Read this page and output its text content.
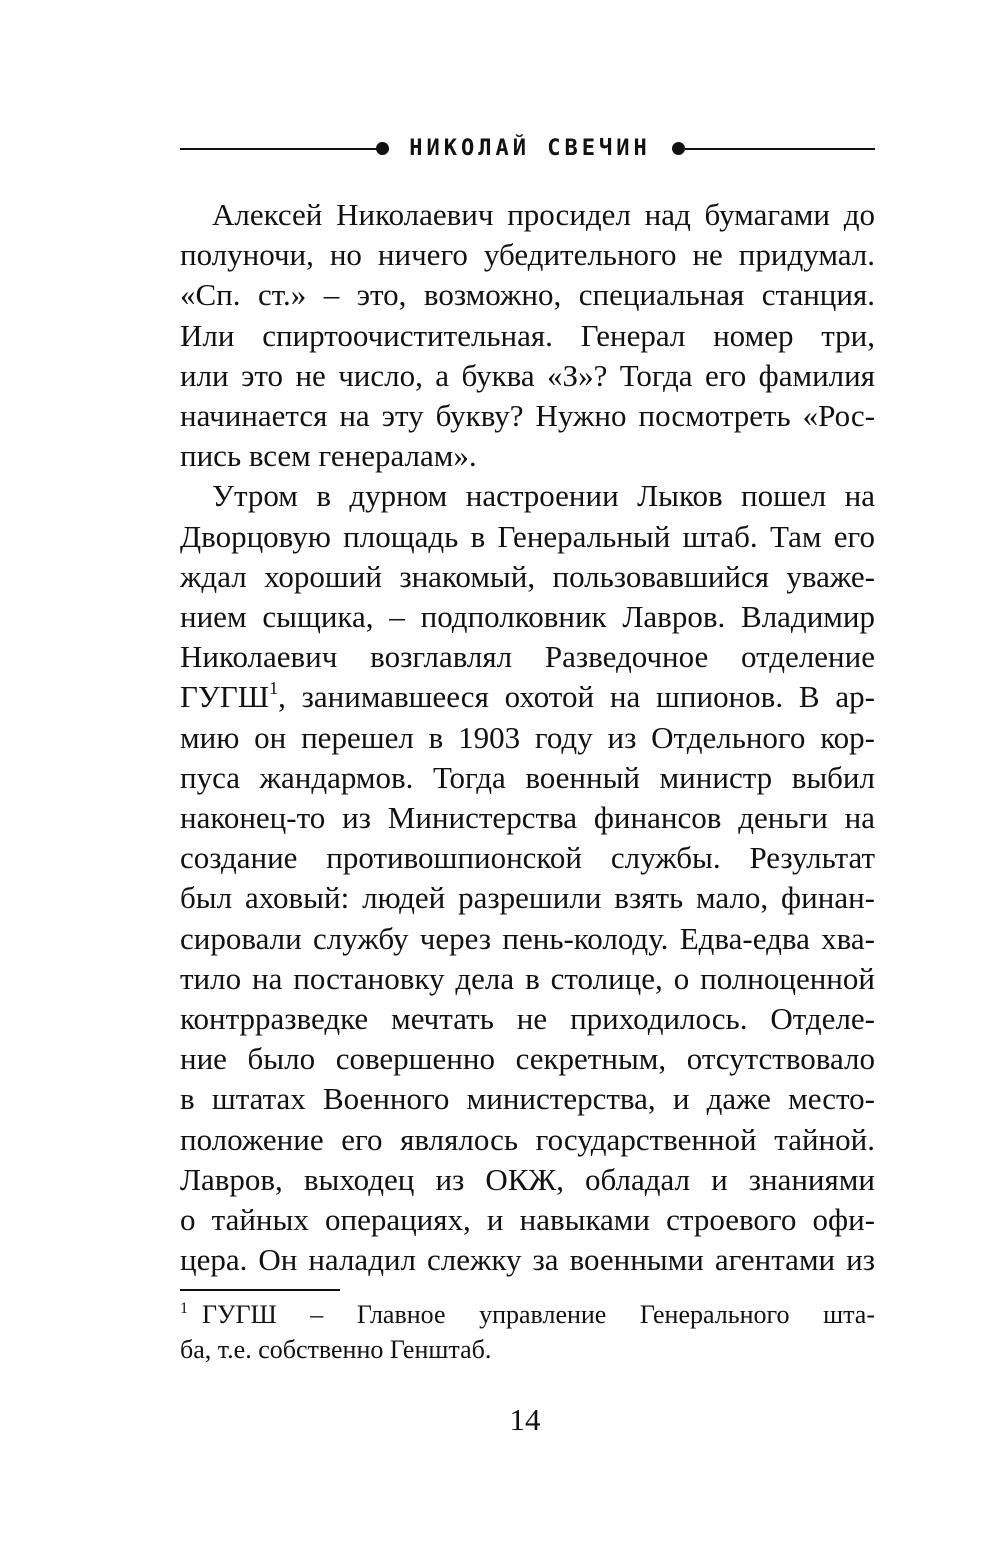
НИКОЛАЙ СВЕЧИН
Алексей Николаевич просидел над бумагами до
полуночи, но ничего убедительного не придумал.
«Сп. ст.» – это, возможно, специальная станция.
Или спиртоочистительная. Генерал номер три,
или это не число, а буква «З»? Тогда его фамилия
начинается на эту букву? Нужно посмотреть «Рос-
пись всем генералам».
Утром в дурном настроении Лыков пошел на
Дворцовую площадь в Генеральный штаб. Там его
ждал хороший знакомый, пользовавшийся уваже-
нием сыщика, – подполковник Лавров. Владимир
Николаевич возглавлял Разведочное отделение
ГУГШ$^1$, занимавшееся охотой на шпионов. В ар-
мию он перешел в 1903 году из Отдельного кор-
пуса жандармов. Тогда военный министр выбил
наконец-то из Министерства финансов деньги на
создание противошпионской службы. Результат
был аховый: людей разрешили взять мало, финан-
сировали службу через пень-колоду. Едва-едва хва-
тило на постановку дела в столице, о полноценной
контрразведке мечтать не приходилось. Отделе-
ние было совершенно секретным, отсутствовало
в штатах Военного министерства, и даже место-
положение его являлось государственной тайной.
Лавров, выходец из ОКЖ, обладал и знаниями
о тайных операциях, и навыками строевого офи-
цера. Он наладил слежку за военными агентами из
$^1$ ГУГШ – Главное управление Генерального шта-
ба, т.е. собственно Генштаб.
14
